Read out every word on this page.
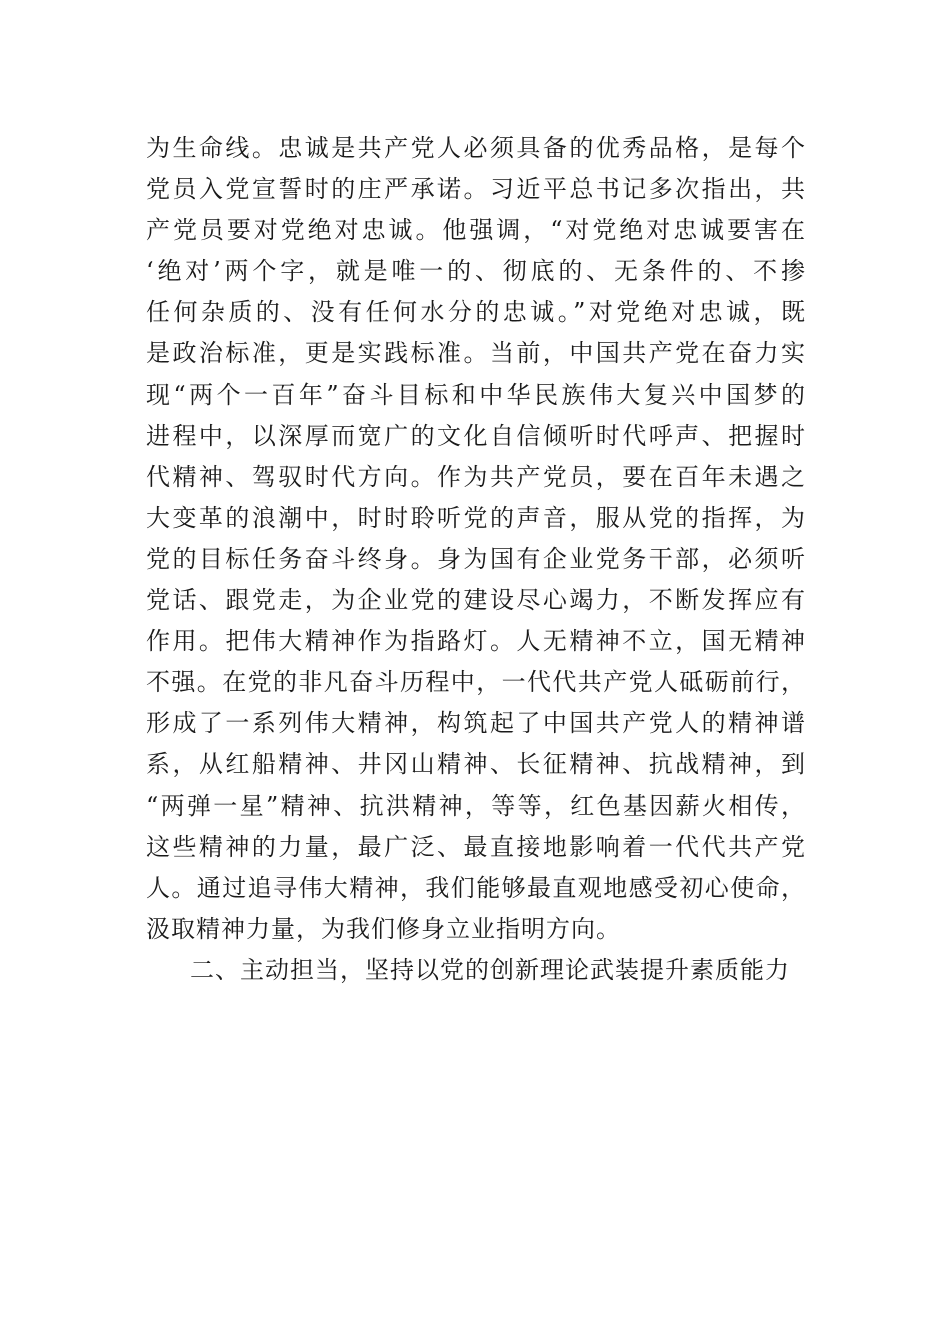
为生命线。忠诚是共产党人必须具备的优秀品格，是每个
党员入党宣誓时的庄严承诺。习近平总书记多次指出，共
产党员要对党绝对忠诚。他强调，“对党绝对忠诚要害在
‘绝对’两个字，就是唯一的、彻底的、无条件的、不掺
任何杂质的、没有任何水分的忠诚。”对党绝对忠诚，既
是政治标准，更是实践标准。当前，中国共产党在奋力实
现“两个一百年”奋斗目标和中华民族伟大复兴中国梦的
进程中，以深厚而宽广的文化自信倾听时代呼声、把握时
代精神、驾驭时代方向。作为共产党员，要在百年未遇之
大变革的浪潮中，时时聆听党的声音，服从党的指挥，为
党的目标任务奋斗终身。身为国有企业党务干部，必须听
党话、跟党走，为企业党的建设尽心竭力，不断发挥应有
作用。把伟大精神作为指路灯。人无精神不立，国无精神
不强。在党的非凡奋斗历程中，一代代共产党人砥砺前行，
形成了一系列伟大精神，构筑起了中国共产党人的精神谱
系，从红船精神、井冈山精神、长征精神、抗战精神，到
“两弹一星”精神、抗洪精神，等等，红色基因薪火相传，
这些精神的力量，最广泛、最直接地影响着一代代共产党
人。通过追寻伟大精神，我们能够最直观地感受初心使命，
汲取精神力量，为我们修身立业指明方向。
二、主动担当，坚持以党的创新理论武装提升素质能力
